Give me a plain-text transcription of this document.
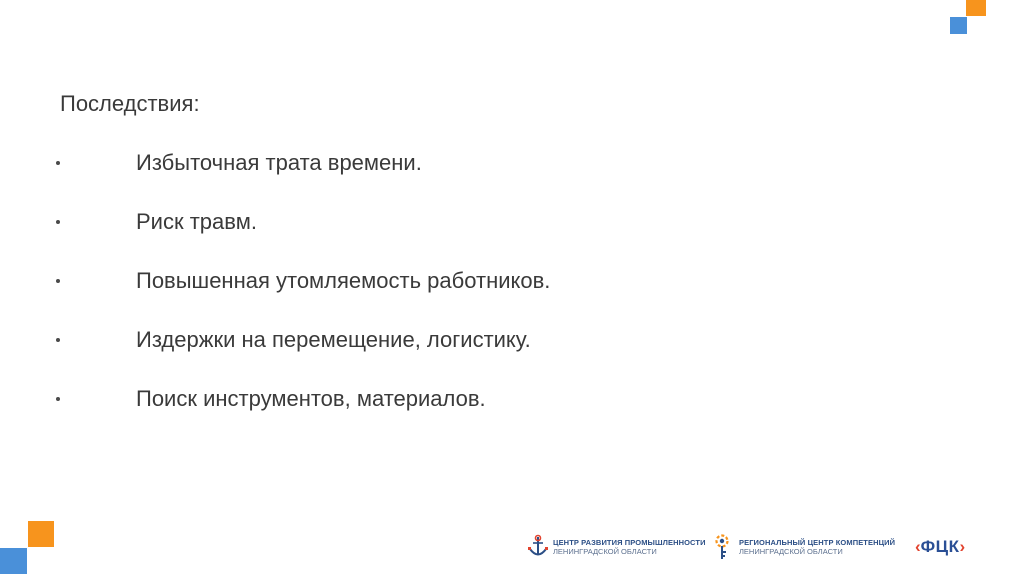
Последствия:
Избыточная трата времени.
Риск травм.
Повышенная утомляемость работников.
Издержки на перемещение, логистику.
Поиск инструментов, материалов.
ЦЕНТР РАЗВИТИЯ ПРОМЫШЛЕННОСТИ
ЛЕНИНГРАДСКОЙ ОБЛАСТИ
РЕГИОНАЛЬНЫЙ ЦЕНТР КОМПЕТЕНЦИЙ
ЛЕНИНГРАДСКОЙ ОБЛАСТИ	‹ ФЦК ›
